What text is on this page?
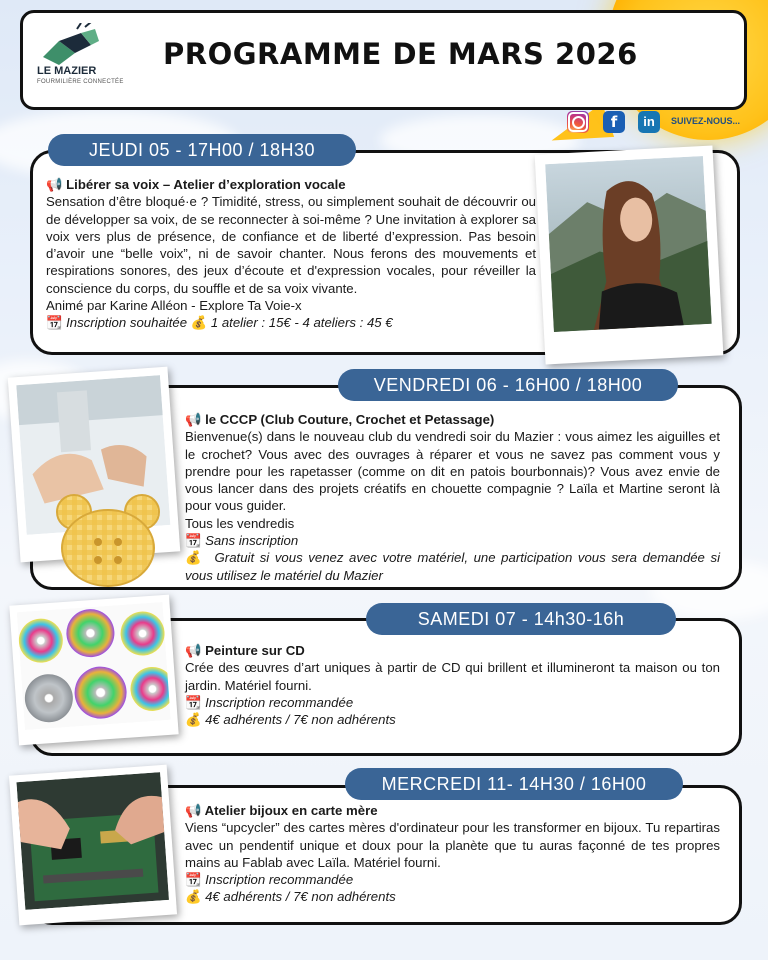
LE MAZIER
FOURMILIÈRE CONNECTÉE
PROGRAMME DE MARS 2026
f	in	SUIVEZ-NOUS...
JEUDI 05 - 17H00 / 18H30
📢 Libérer sa voix – Atelier d’exploration vocale
Sensation d’être bloqué·e ? Timidité, stress, ou simplement souhait de découvrir ou de développer sa voix, de se reconnecter à soi-même ? Une invitation à explorer sa voix vers plus de présence, de confiance et de liberté d’expression. Pas besoin d’avoir une “belle voix”, ni de savoir chanter. Nous ferons des mouvements et respirations sonores, des jeux d’écoute et d'expression vocales, pour réveiller la conscience du corps, du souffle et de sa voix vivante.
Animé par Karine Alléon - Explore Ta Voie-x
📆 Inscription souhaitée 💰 1 atelier : 15€ - 4 ateliers : 45 €
VENDREDI 06 - 16H00 / 18H00
📢 le CCCP (Club Couture, Crochet et Petassage)
Bienvenue(s) dans le nouveau club du vendredi soir du Mazier : vous aimez les aiguilles et le crochet? Vous avec des ouvrages à réparer et vous ne savez pas comment vous y prendre pour les rapetasser (comme on dit en patois bourbonnais)? Vous avez envie de vous lancer dans des projets créatifs en chouette compagnie ? Laïla et Martine seront là pour vous guider.
Tous les vendredis
📆 Sans inscription
💰 Gratuit si vous venez avec votre matériel, une participation vous sera demandée si vous utilisez le matériel du Mazier
SAMEDI 07 - 14h30-16h
📢 Peinture sur CD
Crée des œuvres d’art uniques à partir de CD qui brillent et illumineront ta maison ou ton jardin. Matériel fourni.
📆 Inscription recommandée
💰 4€ adhérents / 7€ non adhérents
MERCREDI 11- 14H30 / 16H00
📢 Atelier bijoux en carte mère
Viens “upcycler” des cartes mères d'ordinateur pour les transformer en bijoux. Tu repartiras avec un pendentif unique et doux pour la planète que tu auras façonné de tes propres mains au Fablab avec Laïla. Matériel fourni.
📆 Inscription recommandée
💰 4€ adhérents / 7€ non adhérents
